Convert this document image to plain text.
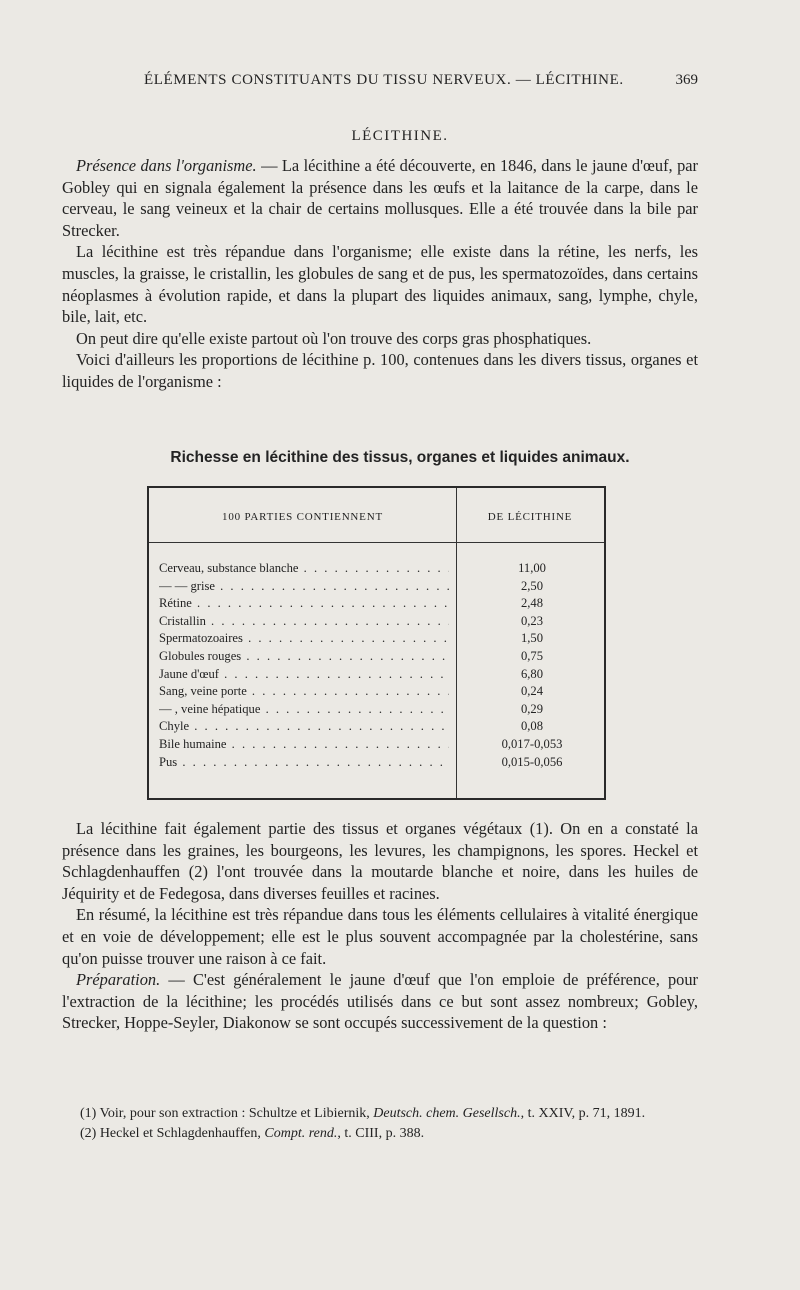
ÉLÉMENTS CONSTITUANTS DU TISSU NERVEUX. — LÉCITHINE.	369
LÉCITHINE.

Présence dans l'organisme. — La lécithine a été découverte, en 1846, dans le jaune d'œuf, par Gobley qui en signala également la présence dans les œufs et la laitance de la carpe, dans le cerveau, le sang veineux et la chair de certains mollusques. Elle a été trouvée dans la bile par Strecker.

La lécithine est très répandue dans l'organisme; elle existe dans la rétine, les nerfs, les muscles, la graisse, le cristallin, les globules de sang et de pus, les spermatozoïdes, dans certains néoplasmes à évolution rapide, et dans la plupart des liquides animaux, sang, lymphe, chyle, bile, lait, etc.

On peut dire qu'elle existe partout où l'on trouve des corps gras phosphatiques.

Voici d'ailleurs les proportions de lécithine p. 100, contenues dans les divers tissus, organes et liquides de l'organisme :

Richesse en lécithine des tissus, organes et liquides animaux.
100 PARTIES CONTIENNENT	DE LÉCITHINE
Cerveau, substance blanche . . .	11,00
— — grise . . .	2,50
Rétine . . .	2,48
Cristallin . . .	0,23
Spermatozoaires . . .	1,50
Globules rouges . . .	0,75
Jaune d'œuf . . .	6,80
Sang, veine porte . . .	0,24
— , veine hépatique . . .	0,29
Chyle . . .	0,08
Bile humaine . . .	0,017-0,053
Pus . . .	0,015-0,056

La lécithine fait également partie des tissus et organes végétaux (1). On en a constaté la présence dans les graines, les bourgeons, les levures, les champignons, les spores. Heckel et Schlagdenhauffen (2) l'ont trouvée dans la moutarde blanche et noire, dans les huiles de Jéquirity et de Fedegosa, dans diverses feuilles et racines.

En résumé, la lécithine est très répandue dans tous les éléments cellulaires à vitalité énergique et en voie de développement; elle est le plus souvent accompagnée par la cholestérine, sans qu'on puisse trouver une raison à ce fait.

Préparation. — C'est généralement le jaune d'œuf que l'on emploie de préférence, pour l'extraction de la lécithine; les procédés utilisés dans ce but sont assez nombreux; Gobley, Strecker, Hoppe-Seyler, Diakonow se sont occupés successivement de la question :

(1) Voir, pour son extraction : Schultze et Libiernik, Deutsch. chem. Gesellsch., t. XXIV, p. 71, 1891.

(2) Heckel et Schlagdenhauffen, Compt. rend., t. CIII, p. 388.
